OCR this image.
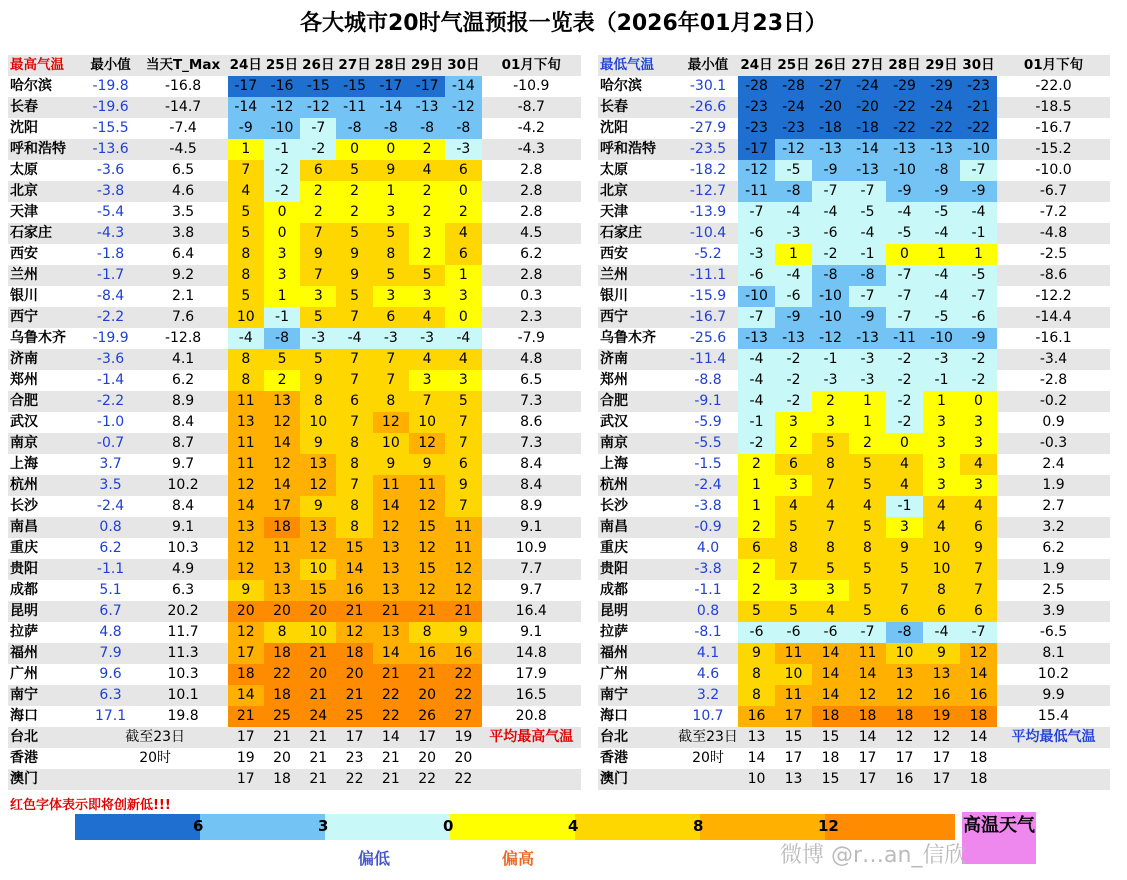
各大城市20时气温预报一览表（2026年01月23日）
最高气温	最小值	当天T_Max	24日	25日	26日	27日	28日	29日	30日	01月下旬
哈尔滨	-19.8	-16.8	-17	-16	-15	-15	-17	-17	-14	-10.9
长春	-19.6	-14.7	-14	-12	-12	-11	-14	-13	-12	-8.7
沈阳	-15.5	-7.4	-9	-10	-7	-8	-8	-8	-8	-4.2
呼和浩特	-13.6	-4.5	1	-1	-2	0	0	2	-3	-4.3
太原	-3.6	6.5	7	-2	6	5	9	4	6	2.8
北京	-3.8	4.6	4	-2	2	2	1	2	0	2.8
天津	-5.4	3.5	5	0	2	2	3	2	2	2.8
石家庄	-4.3	3.8	5	0	7	5	5	3	4	4.5
西安	-1.8	6.4	8	3	9	9	8	2	6	6.2
兰州	-1.7	9.2	8	3	7	9	5	5	1	2.8
银川	-8.4	2.1	5	1	3	5	3	3	3	0.3
西宁	-2.2	7.6	10	-1	5	7	6	4	0	2.3
乌鲁木齐	-19.9	-12.8	-4	-8	-3	-4	-3	-3	-4	-7.9
济南	-3.6	4.1	8	5	5	7	7	4	4	4.8
郑州	-1.4	6.2	8	2	9	7	7	3	3	6.5
合肥	-2.2	8.9	11	13	8	6	8	7	5	7.3
武汉	-1.0	8.4	13	12	10	7	12	10	7	8.6
南京	-0.7	8.7	11	14	9	8	10	12	7	7.3
上海	3.7	9.7	11	12	13	8	9	9	6	8.4
杭州	3.5	10.2	12	14	12	7	11	11	9	8.4
长沙	-2.4	8.4	14	17	9	8	14	12	7	8.9
南昌	0.8	9.1	13	18	13	8	12	15	11	9.1
重庆	6.2	10.3	12	11	12	15	13	12	11	10.9
贵阳	-1.1	4.9	12	13	10	14	13	15	12	7.7
成都	5.1	6.3	9	13	15	16	13	12	12	9.7
昆明	6.7	20.2	20	20	20	21	21	21	21	16.4
拉萨	4.8	11.7	12	8	10	12	13	8	9	9.1
福州	7.9	11.3	17	18	21	18	14	16	16	14.8
广州	9.6	10.3	18	22	20	20	21	21	22	17.9
南宁	6.3	10.1	14	18	21	21	22	20	22	16.5
海口	17.1	19.8	21	25	24	25	22	26	27	20.8
台北	截至23日		17	21	21	17	14	17	19	平均最高气温
香港	20时		19	20	21	23	21	20	20	
澳门			17	18	21	22	21	22	22	
最低气温	最小值	24日	25日	26日	27日	28日	29日	30日	01月下旬
哈尔滨	-30.1	-28	-28	-27	-24	-29	-29	-23	-22.0
长春	-26.6	-23	-24	-20	-20	-22	-24	-21	-18.5
沈阳	-27.9	-23	-23	-18	-18	-22	-22	-22	-16.7
呼和浩特	-23.5	-17	-12	-13	-14	-13	-13	-10	-15.2
太原	-18.2	-12	-5	-9	-13	-10	-8	-7	-10.0
北京	-12.7	-11	-8	-7	-7	-9	-9	-9	-6.7
天津	-13.9	-7	-4	-4	-5	-4	-5	-4	-7.2
石家庄	-10.4	-6	-3	-6	-4	-5	-4	-1	-4.8
西安	-5.2	-3	1	-2	-1	0	1	1	-2.5
兰州	-11.1	-6	-4	-8	-8	-7	-4	-5	-8.6
银川	-15.9	-10	-6	-10	-7	-7	-4	-7	-12.2
西宁	-16.7	-7	-9	-10	-9	-7	-5	-6	-14.4
乌鲁木齐	-25.6	-13	-13	-12	-13	-11	-10	-9	-16.1
济南	-11.4	-4	-2	-1	-3	-2	-3	-2	-3.4
郑州	-8.8	-4	-2	-3	-3	-2	-1	-2	-2.8
合肥	-9.1	-4	-2	2	1	-2	1	0	-0.2
武汉	-5.9	-1	3	3	1	-2	3	3	0.9
南京	-5.5	-2	2	5	2	0	3	3	-0.3
上海	-1.5	2	6	8	5	4	3	4	2.4
杭州	-2.4	1	3	7	5	4	3	3	1.9
长沙	-3.8	1	4	4	4	-1	4	4	2.7
南昌	-0.9	2	5	7	5	3	4	6	3.2
重庆	4.0	6	8	8	8	9	10	9	6.2
贵阳	-3.8	2	7	5	5	5	10	7	1.9
成都	-1.1	2	3	3	5	7	8	7	2.5
昆明	0.8	5	5	4	5	6	6	6	3.9
拉萨	-8.1	-6	-6	-6	-7	-8	-4	-7	-6.5
福州	4.1	9	11	14	11	10	9	12	8.1
广州	4.6	8	10	14	14	13	13	14	10.2
南宁	3.2	8	11	14	12	12	16	16	9.9
海口	10.7	16	17	18	18	18	19	18	15.4
台北	截至23日	13	15	15	14	12	12	14	平均最低气温
香港	20时	14	17	18	17	17	17	18	
澳门		10	13	15	17	16	17	18	
红色字体表示即将创新低!!!
6	3	0	4	8	12	高温天气
偏低	偏高	微博 @r…an_信欣
